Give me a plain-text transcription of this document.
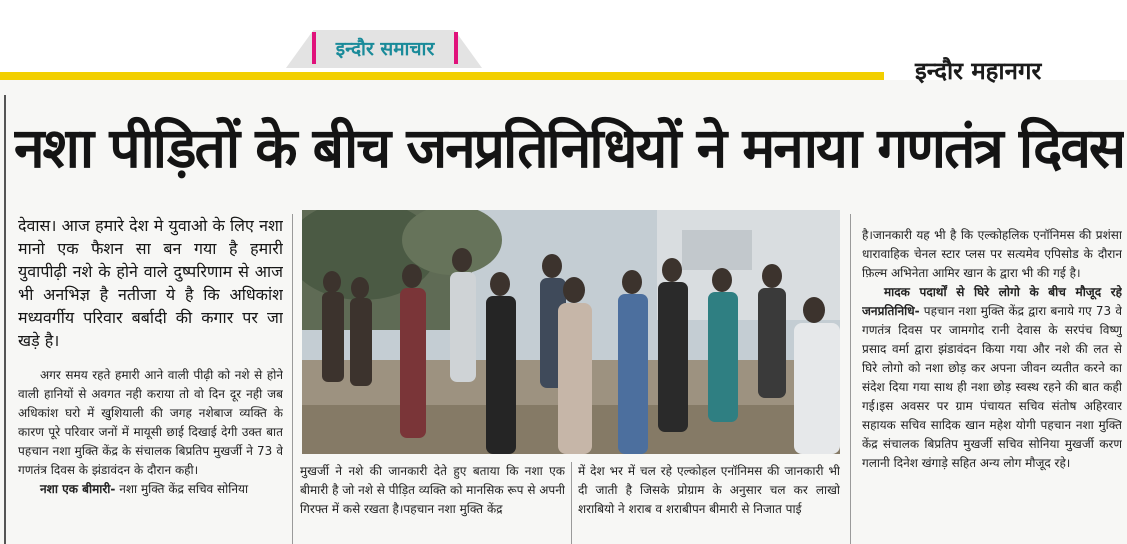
इन्दौर समाचार
इन्दौर महानगर
नशा पीड़ितों के बीच जनप्रतिनिधियों ने मनाया गणतंत्र दिवस

देवास। आज हमारे देश मे युवाओ के लिए नशा मानो एक फैशन सा बन गया है हमारी युवापीढ़ी नशे के होने वाले दुष्परिणाम से आज भी अनभिज्ञ है नतीजा ये है कि अधिकांश मध्यवर्गीय परिवार बर्बादी की कगार पर जा खड़े है।

अगर समय रहते हमारी आने वाली पीढ़ी को नशे से होने वाली हानियों से अवगत नही कराया तो वो दिन दूर नही जब अधिकांश घरो में खुशियाली की जगह नशेबाज व्यक्ति के कारण पूरे परिवार जनों में मायूसी छाई दिखाई देगी उक्त बात पहचान नशा मुक्ति केंद्र के संचालक बिप्रतिप मुखर्जी ने 73 वे गणतंत्र दिवस के झंडावंदन के दौरान कही।

नशा एक बीमारी- नशा मुक्ति केंद्र सचिव सोनिया

मुखर्जी ने नशे की जानकारी देते हुए बताया कि नशा एक बीमारी है जो नशे से पीड़ित व्यक्ति को मानसिक रूप से अपनी गिरफ्त में कसे रखता है।पहचान नशा मुक्ति केंद्र
में देश भर में चल रहे एल्कोहल एनॉनिमस की जानकारी भी दी जाती है जिसके प्रोग्राम के अनुसार चल कर लाखो शराबियो ने शराब व शराबीपन बीमारी से निजात पाई

है।जानकारी यह भी है कि एल्कोहलिक एनॉनिमस की प्रशंसा धारावाहिक चेनल स्टार प्लस पर सत्यमेव एपिसोड के दौरान फ़िल्म अभिनेता आमिर खान के द्वारा भी की गई है।

मादक पदार्थों से घिरे लोगो के बीच मौजूद रहे जनप्रतिनिधि- पहचान नशा मुक्ति केंद्र द्वारा बनाये गए 73 वे गणतंत्र दिवस पर जामगोद रानी देवास के सरपंच विष्णु प्रसाद वर्मा द्वारा झंडावंदन किया गया और नशे की लत से घिरे लोगो को नशा छोड़ कर अपना जीवन व्यतीत करने का संदेश दिया गया साथ ही नशा छोड़ स्वस्थ रहने की बात कही गई।इस अवसर पर ग्राम पंचायत सचिव संतोष अहिरवार सहायक सचिव सादिक खान महेश योगी पहचान नशा मुक्ति केंद्र संचालक बिप्रतिप मुखर्जी सचिव सोनिया मुखर्जी करण गलानी दिनेश खंगाड़े सहित अन्य लोग मौजूद रहे।
